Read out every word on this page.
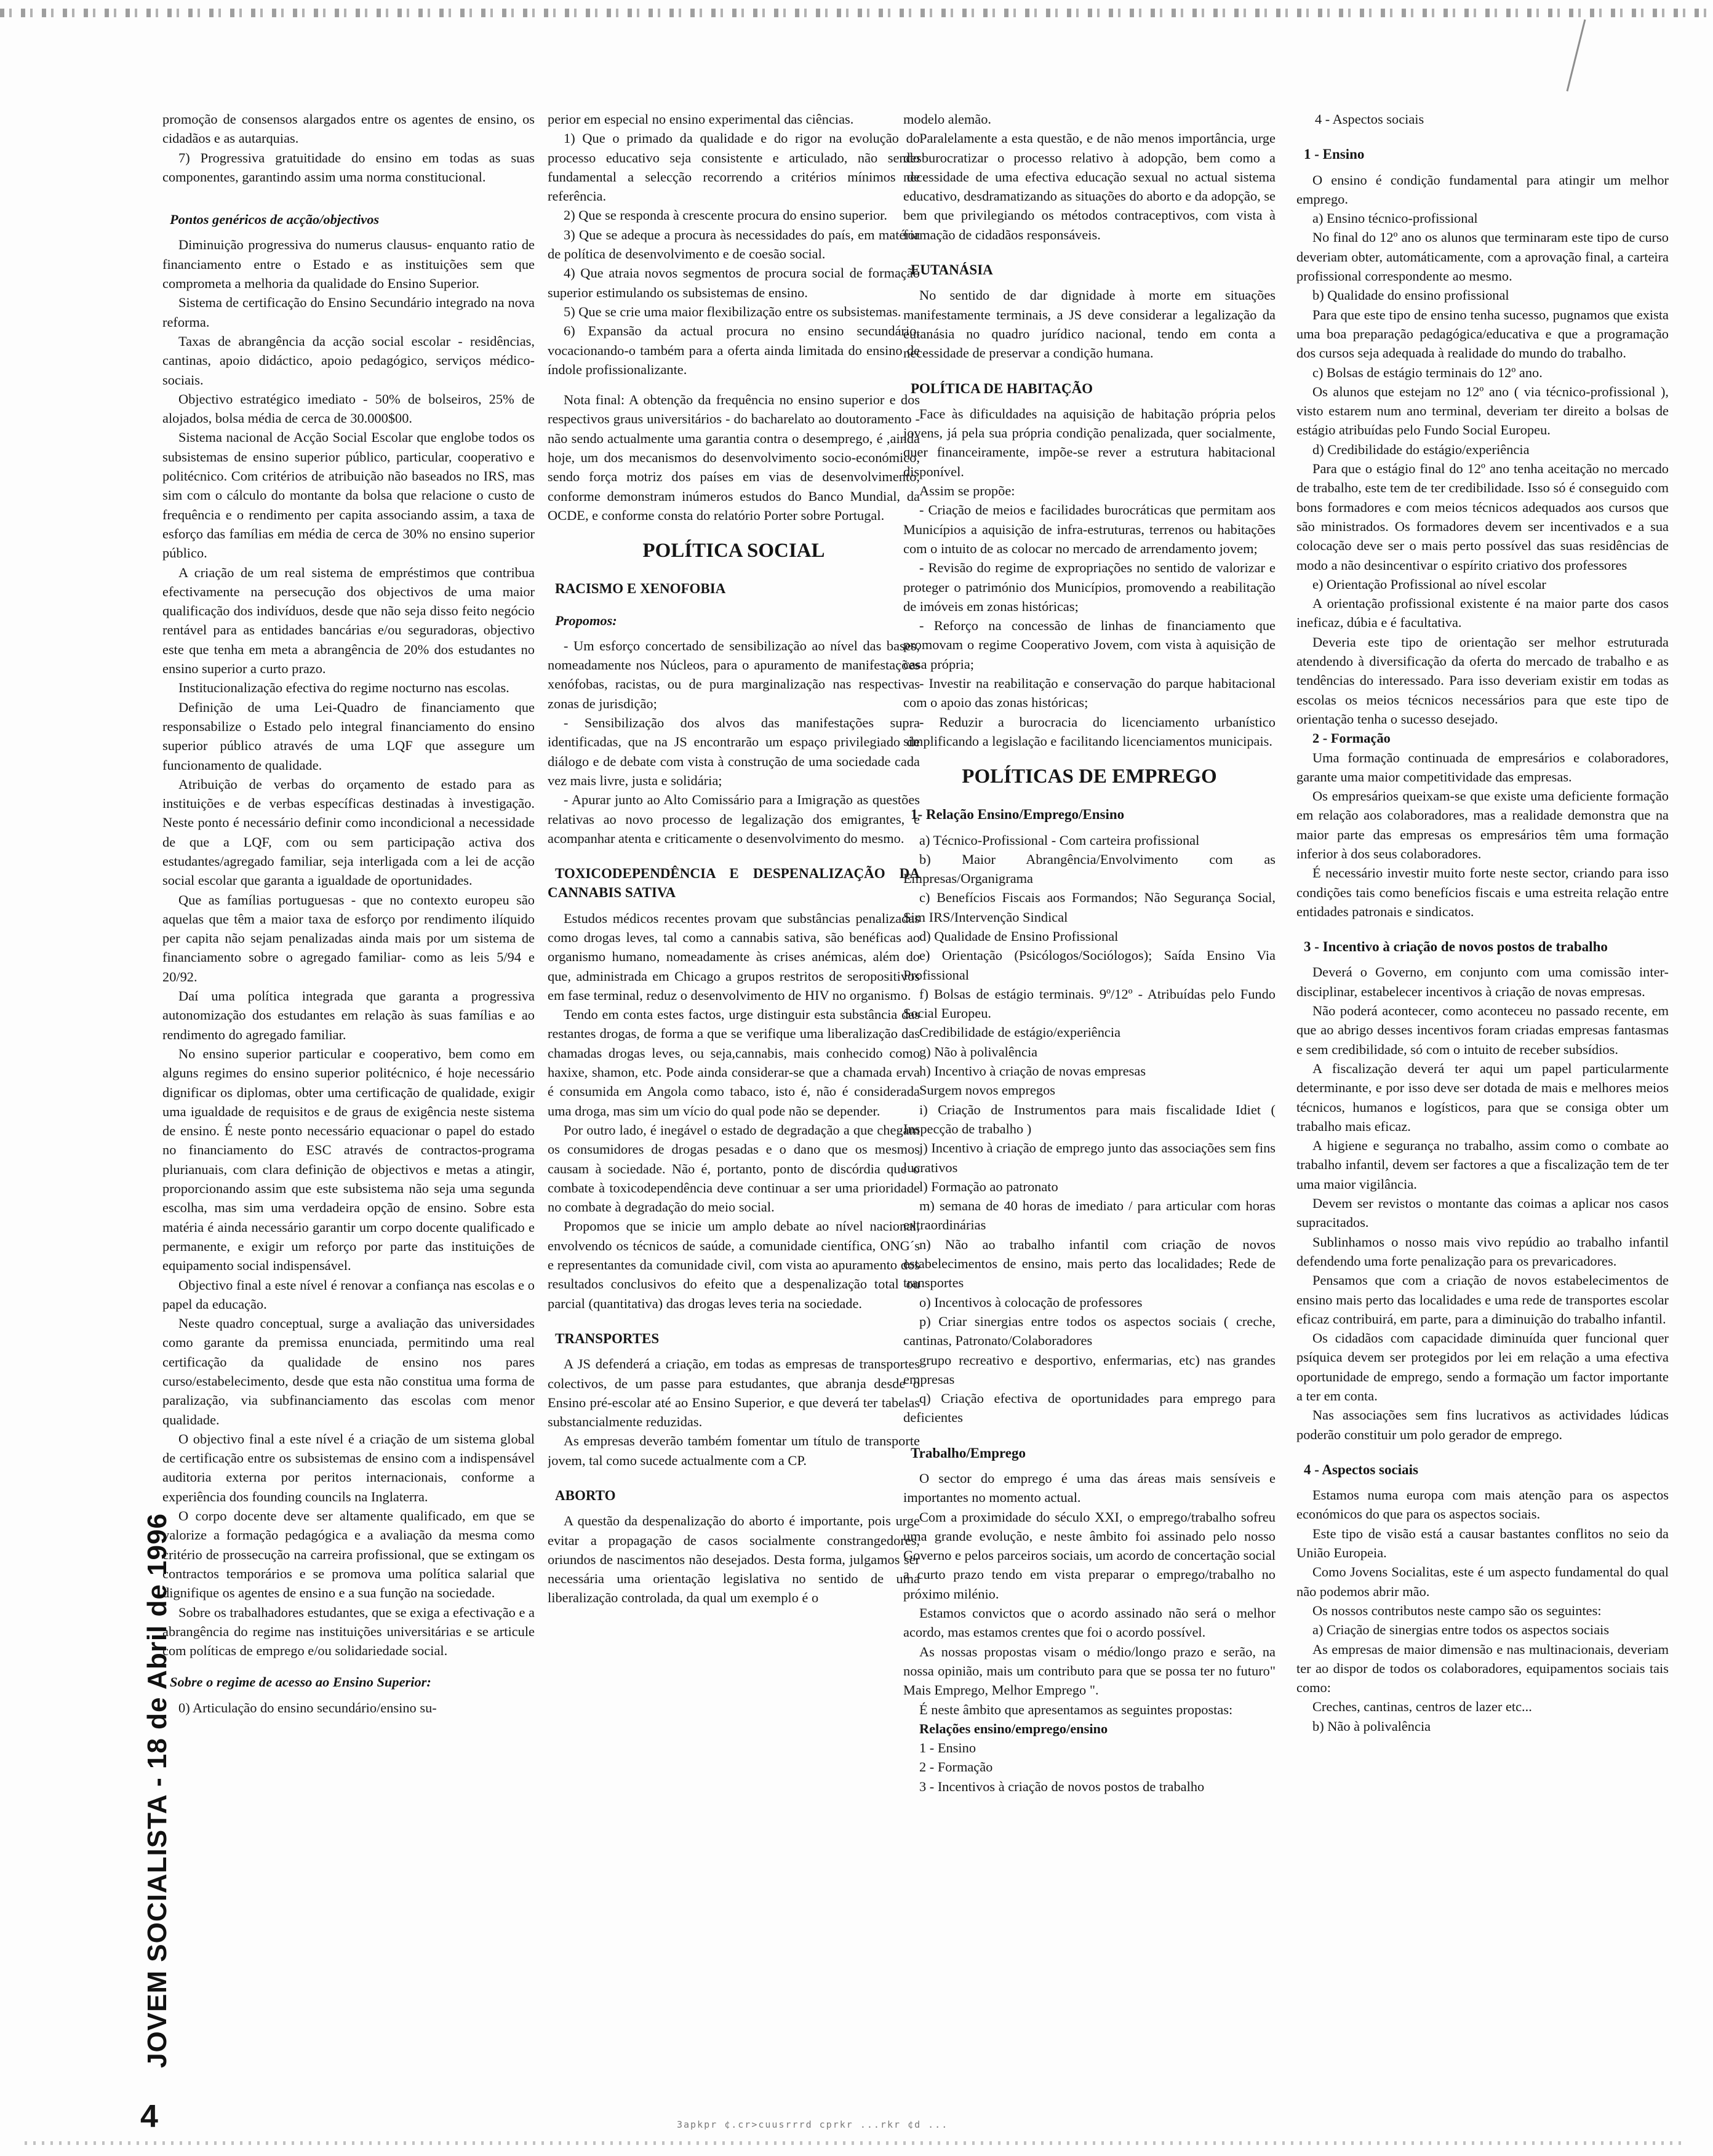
promoção de consensos alargados entre os agentes de ensino, os cidadãos e as autarquias.

7) Progressiva gratuitidade do ensino em todas as suas componentes, garantindo assim uma norma constitucional.

Pontos genéricos de acção/objectivos

Diminuição progressiva do numerus clausus- enquanto ratio de financiamento entre o Estado e as instituições sem que comprometa a melhoria da qualidade do Ensino Superior.

Sistema de certificação do Ensino Secundário integrado na nova reforma.

Taxas de abrangência da acção social escolar - residências, cantinas, apoio didáctico, apoio pedagógico, serviços médico-sociais.

Objectivo estratégico imediato - 50% de bolseiros, 25% de alojados, bolsa média de cerca de 30.000$00.

Sistema nacional de Acção Social Escolar que englobe todos os subsistemas de ensino superior público, particular, cooperativo e politécnico. Com critérios de atribuição não baseados no IRS, mas sim com o cálculo do montante da bolsa que relacione o custo de frequência e o rendimento per capita associando assim, a taxa de esforço das famílias em média de cerca de 30% no ensino superior público.

A criação de um real sistema de empréstimos que contribua efectivamente na persecução dos objectivos de uma maior qualificação dos indivíduos, desde que não seja disso feito negócio rentável para as entidades bancárias e/ou seguradoras, objectivo este que tenha em meta a abrangência de 20% dos estudantes no ensino superior a curto prazo.

Institucionalização efectiva do regime nocturno nas escolas.

Definição de uma Lei-Quadro de financiamento que responsabilize o Estado pelo integral financiamento do ensino superior público através de uma LQF que assegure um funcionamento de qualidade.

Atribuição de verbas do orçamento de estado para as instituições e de verbas específicas destinadas à investigação. Neste ponto é necessário definir como incondicional a necessidade de que a LQF, com ou sem participação activa dos estudantes/agregado familiar, seja interligada com a lei de acção social escolar que garanta a igualdade de oportunidades.

Que as famílias portuguesas - que no contexto europeu são aquelas que têm a maior taxa de esforço por rendimento ilíquido per capita não sejam penalizadas ainda mais por um sistema de financiamento sobre o agregado familiar- como as leis 5/94 e 20/92.

Daí uma política integrada que garanta a progressiva autonomização dos estudantes em relação às suas famílias e ao rendimento do agregado familiar.

No ensino superior particular e cooperativo, bem como em alguns regimes do ensino superior politécnico, é hoje necessário dignificar os diplomas, obter uma certificação de qualidade, exigir uma igualdade de requisitos e de graus de exigência neste sistema de ensino. É neste ponto necessário equacionar o papel do estado no financiamento do ESC através de contractos-programa plurianuais, com clara definição de objectivos e metas a atingir, proporcionando assim que este subsistema não seja uma segunda escolha, mas sim uma verdadeira opção de ensino. Sobre esta matéria é ainda necessário garantir um corpo docente qualificado e permanente, e exigir um reforço por parte das instituições de equipamento social indispensável.

Objectivo final a este nível é renovar a confiança nas escolas e o papel da educação.

Neste quadro conceptual, surge a avaliação das universidades como garante da premissa enunciada, permitindo uma real certificação da qualidade de ensino nos pares curso/estabelecimento, desde que esta não constitua uma forma de paralização, via subfinanciamento das escolas com menor qualidade.

O objectivo final a este nível é a criação de um sistema global de certificação entre os subsistemas de ensino com a indispensável auditoria externa por peritos internacionais, conforme a experiência dos founding councils na Inglaterra.

O corpo docente deve ser altamente qualificado, em que se valorize a formação pedagógica e a avaliação da mesma como critério de prossecução na carreira profissional, que se extingam os contractos temporários e se promova uma política salarial que dignifique os agentes de ensino e a sua função na sociedade.

Sobre os trabalhadores estudantes, que se exiga a efectivação e a abrangência do regime nas instituições universitárias e se articule com políticas de emprego e/ou solidariedade social.

Sobre o regime de acesso ao Ensino Superior:

0) Articulação do ensino secundário/ensino su-

perior em especial no ensino experimental das ciências.

1) Que o primado da qualidade e do rigor na evolução do processo educativo seja consistente e articulado, não sendo fundamental a selecção recorrendo a critérios mínimos de referência.

2) Que se responda à crescente procura do ensino superior.

3) Que se adeque a procura às necessidades do país, em matéria de política de desenvolvimento e de coesão social.

4) Que atraia novos segmentos de procura social de formação superior estimulando os subsistemas de ensino.

5) Que se crie uma maior flexibilização entre os subsistemas.

6) Expansão da actual procura no ensino secundário, vocacionando-o também para a oferta ainda limitada do ensino de índole profissionalizante.

Nota final: A obtenção da frequência no ensino superior e dos respectivos graus universitários - do bacharelato ao doutoramento - não sendo actualmente uma garantia contra o desemprego, é ,ainda hoje, um dos mecanismos do desenvolvimento socio-económico, sendo força motriz dos países em vias de desenvolvimento, conforme demonstram inúmeros estudos do Banco Mundial, da OCDE, e conforme consta do relatório Porter sobre Portugal.

POLÍTICA SOCIAL

RACISMO E XENOFOBIA

Propomos:

- Um esforço concertado de sensibilização ao nível das bases, nomeadamente nos Núcleos, para o apuramento de manifestações xenófobas, racistas, ou de pura marginalização nas respectivas zonas de jurisdição;

- Sensibilização dos alvos das manifestações supra identificadas, que na JS encontrarão um espaço privilegiado de diálogo e de debate com vista à construção de uma sociedade cada vez mais livre, justa e solidária;

- Apurar junto ao Alto Comissário para a Imigração as questões relativas ao novo processo de legalização dos emigrantes, e acompanhar atenta e criticamente o desenvolvimento do mesmo.

TOXICODEPENDÊNCIA E DESPENALIZAÇÃO DA CANNABIS SATIVA

Estudos médicos recentes provam que substâncias penalizadas como drogas leves, tal como a cannabis sativa, são benéficas ao organismo humano, nomeadamente às crises anémicas, além do que, administrada em Chicago a grupos restritos de seropositivos em fase terminal, reduz o desenvolvimento de HIV no organismo.

Tendo em conta estes factos, urge distinguir esta substância das restantes drogas, de forma a que se verifique uma liberalização das chamadas drogas leves, ou seja,cannabis, mais conhecido como haxixe, shamon, etc. Pode ainda considerar-se que a chamada erva é consumida em Angola como tabaco, isto é, não é considerada uma droga, mas sim um vício do qual pode não se depender.

Por outro lado, é inegável o estado de degradação a que chegam os consumidores de drogas pesadas e o dano que os mesmos causam à sociedade. Não é, portanto, ponto de discórdia que o combate à toxicodependência deve continuar a ser uma prioridade no combate à degradação do meio social.

Propomos que se inicie um amplo debate ao nível nacional, envolvendo os técnicos de saúde, a comunidade científica, ONG´s e representantes da comunidade civil, com vista ao apuramento dos resultados conclusivos do efeito que a despenalização total ou parcial (quantitativa) das drogas leves teria na sociedade.

TRANSPORTES

A JS defenderá a criação, em todas as empresas de transportes colectivos, de um passe para estudantes, que abranja desde o Ensino pré-escolar até ao Ensino Superior, e que deverá ter tabelas substancialmente reduzidas.

As empresas deverão também fomentar um título de transporte jovem, tal como sucede actualmente com a CP.

ABORTO

A questão da despenalização do aborto é importante, pois urge evitar a propagação de casos socialmente constrangedores, oriundos de nascimentos não desejados. Desta forma, julgamos ser necessária uma orientação legislativa no sentido de uma liberalização controlada, da qual um exemplo é o

modelo alemão.

Paralelamente a esta questão, e de não menos importância, urge desburocratizar o processo relativo à adopção, bem como a necessidade de uma efectiva educação sexual no actual sistema educativo, desdramatizando as situações do aborto e da adopção, se bem que privilegiando os métodos contraceptivos, com vista à formação de cidadãos responsáveis.

EUTANÁSIA

No sentido de dar dignidade à morte em situações manifestamente terminais, a JS deve considerar a legalização da eutanásia no quadro jurídico nacional, tendo em conta a necessidade de preservar a condição humana.

POLÍTICA DE HABITAÇÃO

Face às dificuldades na aquisição de habitação própria pelos jovens, já pela sua própria condição penalizada, quer socialmente, quer financeiramente, impõe-se rever a estrutura habitacional disponível.

Assim se propõe:

- Criação de meios e facilidades burocráticas que permitam aos Municípios a aquisição de infra-estruturas, terrenos ou habitações com o intuito de as colocar no mercado de arrendamento jovem;

- Revisão do regime de expropriações no sentido de valorizar e proteger o património dos Municípios, promovendo a reabilitação de imóveis em zonas históricas;

- Reforço na concessão de linhas de financiamento que promovam o regime Cooperativo Jovem, com vista à aquisição de casa própria;

- Investir na reabilitação e conservação do parque habitacional com o apoio das zonas históricas;

- Reduzir a burocracia do licenciamento urbanístico simplificando a legislação e facilitando licenciamentos municipais.

POLÍTICAS DE EMPREGO

1- Relação Ensino/Emprego/Ensino

a) Técnico-Profissional - Com carteira profissional

b) Maior Abrangência/Envolvimento com as Empresas/Organigrama

c) Benefícios Fiscais aos Formandos; Não Segurança Social, Sim IRS/Intervenção Sindical

d) Qualidade de Ensino Profissional

e) Orientação (Psicólogos/Sociólogos); Saída Ensino Via Profissional

f) Bolsas de estágio terminais. 9º/12º - Atribuídas pelo Fundo Social Europeu.

Credibilidade de estágio/experiência

g) Não à polivalência

h) Incentivo à criação de novas empresas

Surgem novos empregos

i) Criação de Instrumentos para mais fiscalidade Idiet ( Inspecção de trabalho )

j) Incentivo à criação de emprego junto das associações sem fins lucrativos

l) Formação ao patronato

m) semana de 40 horas de imediato / para articular com horas extraordinárias

n) Não ao trabalho infantil com criação de novos estabelecimentos de ensino, mais perto das localidades; Rede de transportes

o) Incentivos à colocação de professores

p) Criar sinergias entre todos os aspectos sociais ( creche, cantinas, Patronato/Colaboradores

grupo recreativo e desportivo, enfermarias, etc) nas grandes empresas

q) Criação efectiva de oportunidades para emprego para deficientes

Trabalho/Emprego

O sector do emprego é uma das áreas mais sensíveis e importantes no momento actual.

Com a proximidade do século XXI, o emprego/trabalho sofreu uma grande evolução, e neste âmbito foi assinado pelo nosso Governo e pelos parceiros sociais, um acordo de concertação social a curto prazo tendo em vista preparar o emprego/trabalho no próximo milénio.

Estamos convictos que o acordo assinado não será o melhor acordo, mas estamos crentes que foi o acordo possível.

As nossas propostas visam o médio/longo prazo e serão, na nossa opinião, mais um contributo para que se possa ter no futuro" Mais Emprego, Melhor Emprego ".

É neste âmbito que apresentamos as seguintes propostas:

Relações ensino/emprego/ensino

1 - Ensino

2 - Formação

3 - Incentivos à criação de novos postos de trabalho

4 - Aspectos sociais

1 - Ensino

O ensino é condição fundamental para atingir um melhor emprego.

a) Ensino técnico-profissional

No final do 12º ano os alunos que terminaram este tipo de curso deveriam obter, automáticamente, com a aprovação final, a carteira profissional correspondente ao mesmo.

b) Qualidade do ensino profissional

Para que este tipo de ensino tenha sucesso, pugnamos que exista uma boa preparação pedagógica/educativa e que a programação dos cursos seja adequada à realidade do mundo do trabalho.

c) Bolsas de estágio terminais do 12º ano.

Os alunos que estejam no 12º ano ( via técnico-profissional ), visto estarem num ano terminal, deveriam ter direito a bolsas de estágio atribuídas pelo Fundo Social Europeu.

d) Credibilidade do estágio/experiência

Para que o estágio final do 12º ano tenha aceitação no mercado de trabalho, este tem de ter credibilidade. Isso só é conseguido com bons formadores e com meios técnicos adequados aos cursos que são ministrados. Os formadores devem ser incentivados e a sua colocação deve ser o mais perto possível das suas residências de modo a não desincentivar o espírito criativo dos professores

e) Orientação Profissional ao nível escolar

A orientação profissional existente é na maior parte dos casos ineficaz, dúbia e é facultativa.

Deveria este tipo de orientação ser melhor estruturada atendendo à diversificação da oferta do mercado de trabalho e as tendências do interessado. Para isso deveriam existir em todas as escolas os meios técnicos necessários para que este tipo de orientação tenha o sucesso desejado.

2 - Formação

Uma formação continuada de empresários e colaboradores, garante uma maior competitividade das empresas.

Os empresários queixam-se que existe uma deficiente formação em relação aos colaboradores, mas a realidade demonstra que na maior parte das empresas os empresários têm uma formação inferior à dos seus colaboradores.

É necessário investir muito forte neste sector, criando para isso condições tais como benefícios fiscais e uma estreita relação entre entidades patronais e sindicatos.

3 - Incentivo à criação de novos postos de trabalho

Deverá o Governo, em conjunto com uma comissão inter-disciplinar, estabelecer incentivos à criação de novas empresas.

Não poderá acontecer, como aconteceu no passado recente, em que ao abrigo desses incentivos foram criadas empresas fantasmas e sem credibilidade, só com o intuito de receber subsídios.

A fiscalização deverá ter aqui um papel particularmente determinante, e por isso deve ser dotada de mais e melhores meios técnicos, humanos e logísticos, para que se consiga obter um trabalho mais eficaz.

A higiene e segurança no trabalho, assim como o combate ao trabalho infantil, devem ser factores a que a fiscalização tem de ter uma maior vigilância.

Devem ser revistos o montante das coimas a aplicar nos casos supracitados.

Sublinhamos o nosso mais vivo repúdio ao trabalho infantil defendendo uma forte penalização para os prevaricadores.

Pensamos que com a criação de novos estabelecimentos de ensino mais perto das localidades e uma rede de transportes escolar eficaz contribuirá, em parte, para a diminuição do trabalho infantil.

Os cidadãos com capacidade diminuída quer funcional quer psíquica devem ser protegidos por lei em relação a uma efectiva oportunidade de emprego, sendo a formação um factor importante a ter em conta.

Nas associações sem fins lucrativos as actividades lúdicas poderão constituir um polo gerador de emprego.

4 - Aspectos sociais

Estamos numa europa com mais atenção para os aspectos económicos do que para os aspectos sociais.

Este tipo de visão está a causar bastantes conflitos no seio da União Europeia.

Como Jovens Socialitas, este é um aspecto fundamental do qual não podemos abrir mão.

Os nossos contributos neste campo são os seguintes:

a) Criação de sinergias entre todos os aspectos sociais

As empresas de maior dimensão e nas multinacionais, deveriam ter ao dispor de todos os colaboradores, equipamentos sociais tais como:

Creches, cantinas, centros de lazer etc...

b) Não à polivalência

JOVEM SOCIALISTA - 18 de Abril de 1996
4	3apkpr ¢.cr>cuusrrrd cprkr ...rkr ¢d ...
